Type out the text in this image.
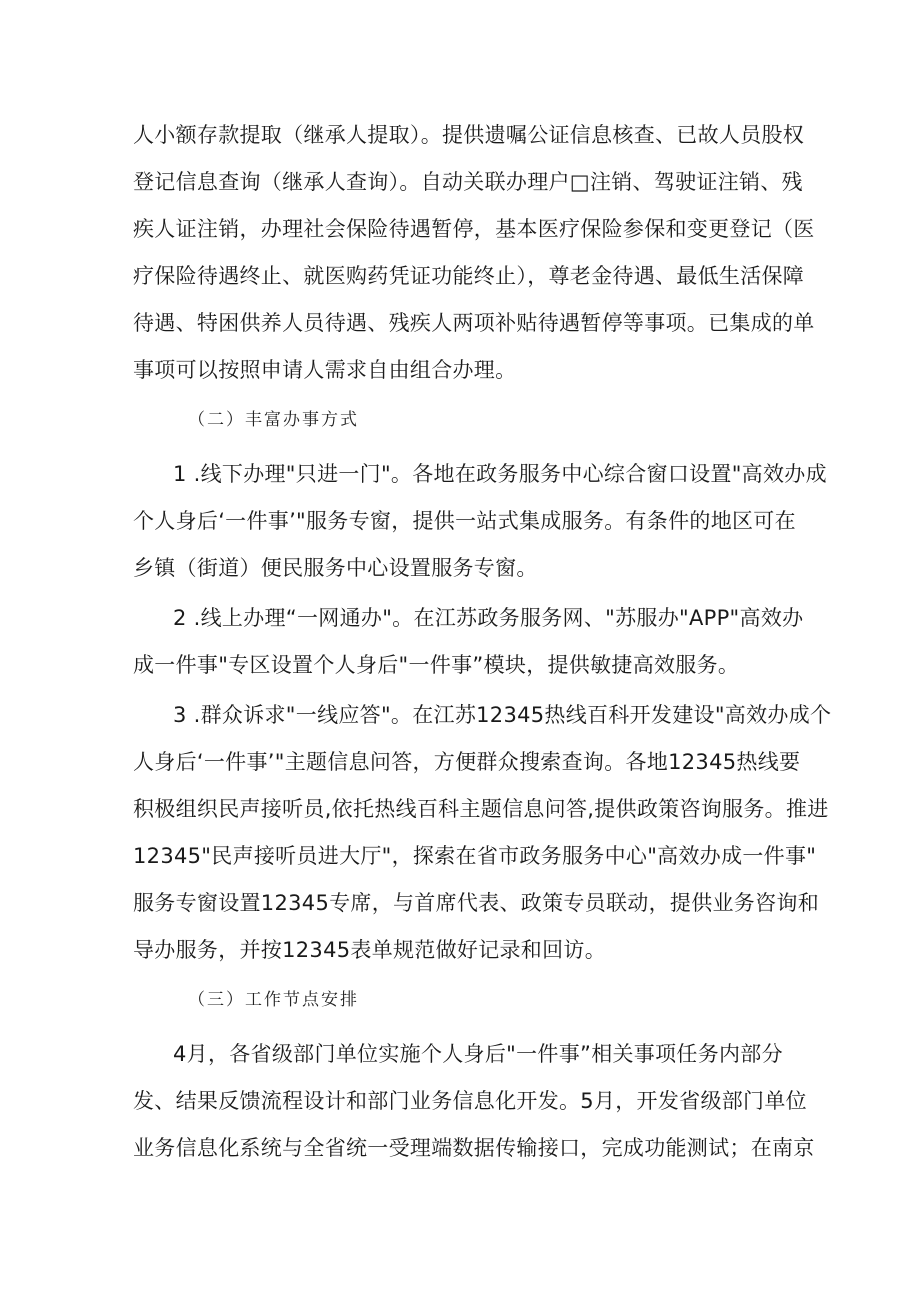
人小额存款提取（继承人提取）。提供遗嘱公证信息核查、已故人员股权
登记信息查询（继承人查询）。自动关联办理户□注销、驾驶证注销、残
疾人证注销，办理社会保险待遇暂停，基本医疗保险参保和变更登记（医
疗保险待遇终止、就医购药凭证功能终止），尊老金待遇、最低生活保障
待遇、特困供养人员待遇、残疾人两项补贴待遇暂停等事项。已集成的单
事项可以按照申请人需求自由组合办理。
（二）丰富办事方式
1 .线下办理"只进一门"。各地在政务服务中心综合窗口设置"高效办成
个人身后‘一件事’"服务专窗，提供一站式集成服务。有条件的地区可在
乡镇（街道）便民服务中心设置服务专窗。
2 .线上办理“一网通办"。在江苏政务服务网、"苏服办"APP"高效办
成一件事"专区设置个人身后"一件事”模块，提供敏捷高效服务。
3 .群众诉求"一线应答"。在江苏12345热线百科开发建设"高效办成个
人身后‘一件事’"主题信息问答，方便群众搜索查询。各地12345热线要
积极组织民声接听员,依托热线百科主题信息问答,提供政策咨询服务。推进
12345"民声接听员进大厅"，探索在省市政务服务中心"高效办成一件事"
服务专窗设置12345专席，与首席代表、政策专员联动，提供业务咨询和
导办服务，并按12345表单规范做好记录和回访。
（三）工作节点安排
4月，各省级部门单位实施个人身后"一件事”相关事项任务内部分
发、结果反馈流程设计和部门业务信息化开发。5月，开发省级部门单位
业务信息化系统与全省统一受理端数据传输接口，完成功能测试；在南京
